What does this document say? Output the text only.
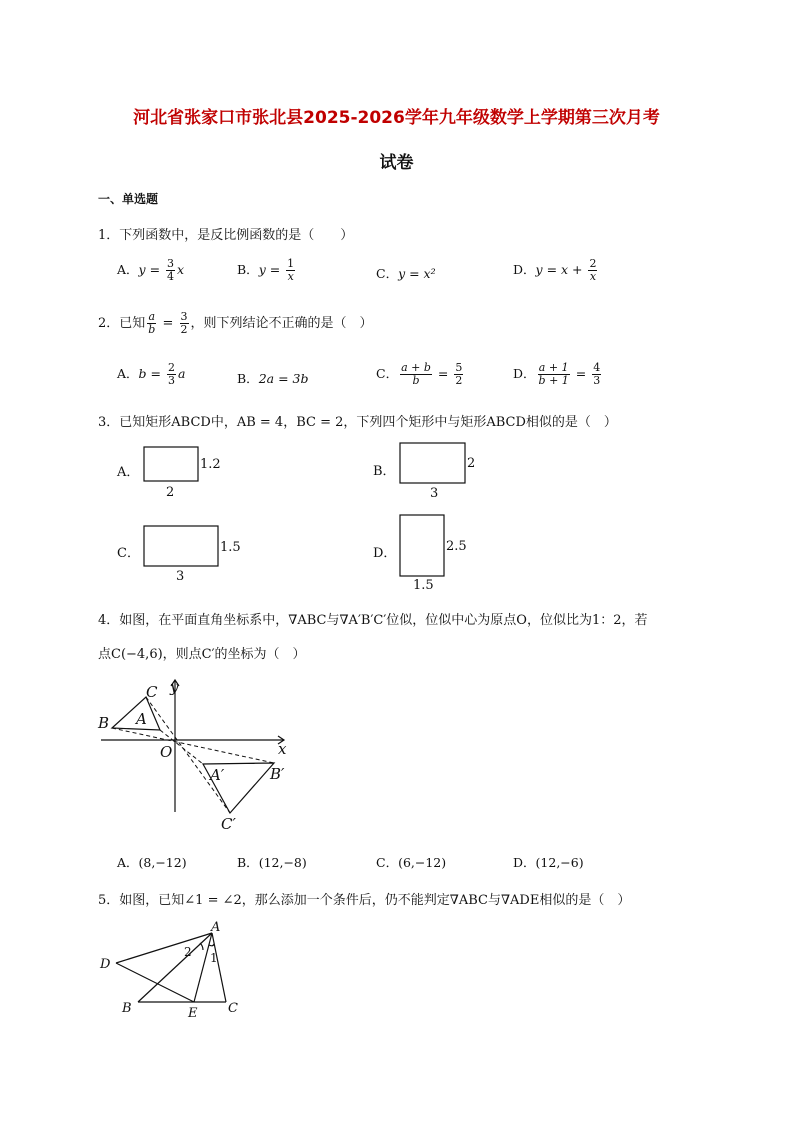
河北省张家口市张北县2025-2026学年九年级数学上学期第三次月考
试卷
一、单选题
1．下列函数中，是反比例函数的是（　　）
A．$y = \frac{3}{4}$ x	B．$y = \frac{1}{x}$	C．y = x²	D．$y = x + \frac{2}{x}$
2．已知 $\frac{a}{b} = \frac{3}{2}$ ，则下列结论不正确的是（　）
A．$b = \frac{2}{3}$ a	B．2a = 3b	C． $\frac{a + b}{b} = \frac{5}{2}$	D． $\frac{a + 1}{b + 1} = \frac{4}{3}$
3．已知矩形ABCD中，AB = 4，BC = 2，下列四个矩形中与矩形ABCD相似的是（　）
A．
1.2
2
B．
2
3
C．	1.5
3
D．	2.5
1.5
4．如图，在平面直角坐标系中，∇ABC与∇A′B′C′位似，位似中心为原点O，位似比为1：2，若
点C(−4,6)，则点C′的坐标为（　）
C y
A
B
O	x
A′	B′
C′
A．(8,−12)	B．(12,−8)	C．(6,−12)	D．(12,−6)
5．如图，已知∠1 = ∠2，那么添加一个条件后，仍不能判定∇ABC与∇ADE相似的是（　）
A
D
B	E C
1
2
